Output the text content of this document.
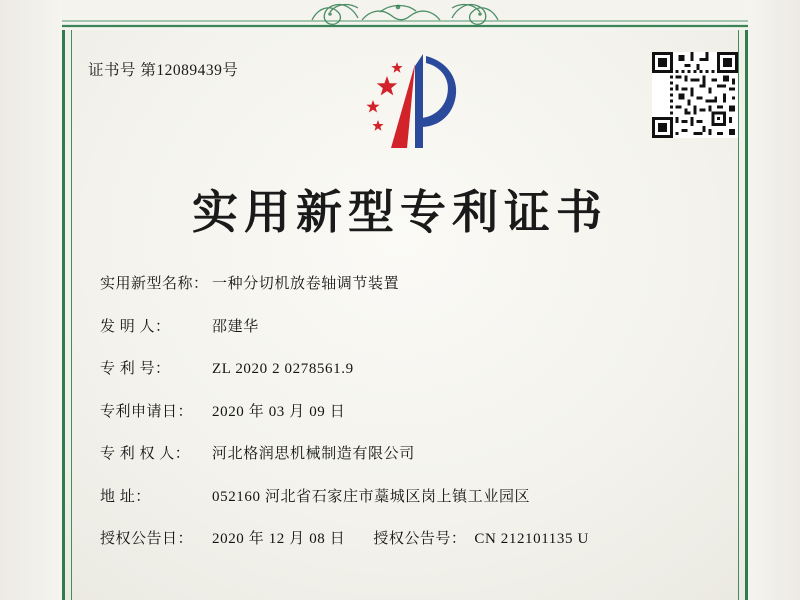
证书号 第12089439号
实用新型专利证书
实用新型名称： 一种分切机放卷轴调节装置
发 明 人：	邵建华
专 利 号：	ZL 2020 2 0278561.9
专利申请日：	2020 年 03 月 09 日
专 利 权 人：	河北格润思机械制造有限公司
地 址：	052160 河北省石家庄市藁城区岗上镇工业园区
授权公告日：	2020 年 12 月 08 日 授权公告号： CN 212101135 U
